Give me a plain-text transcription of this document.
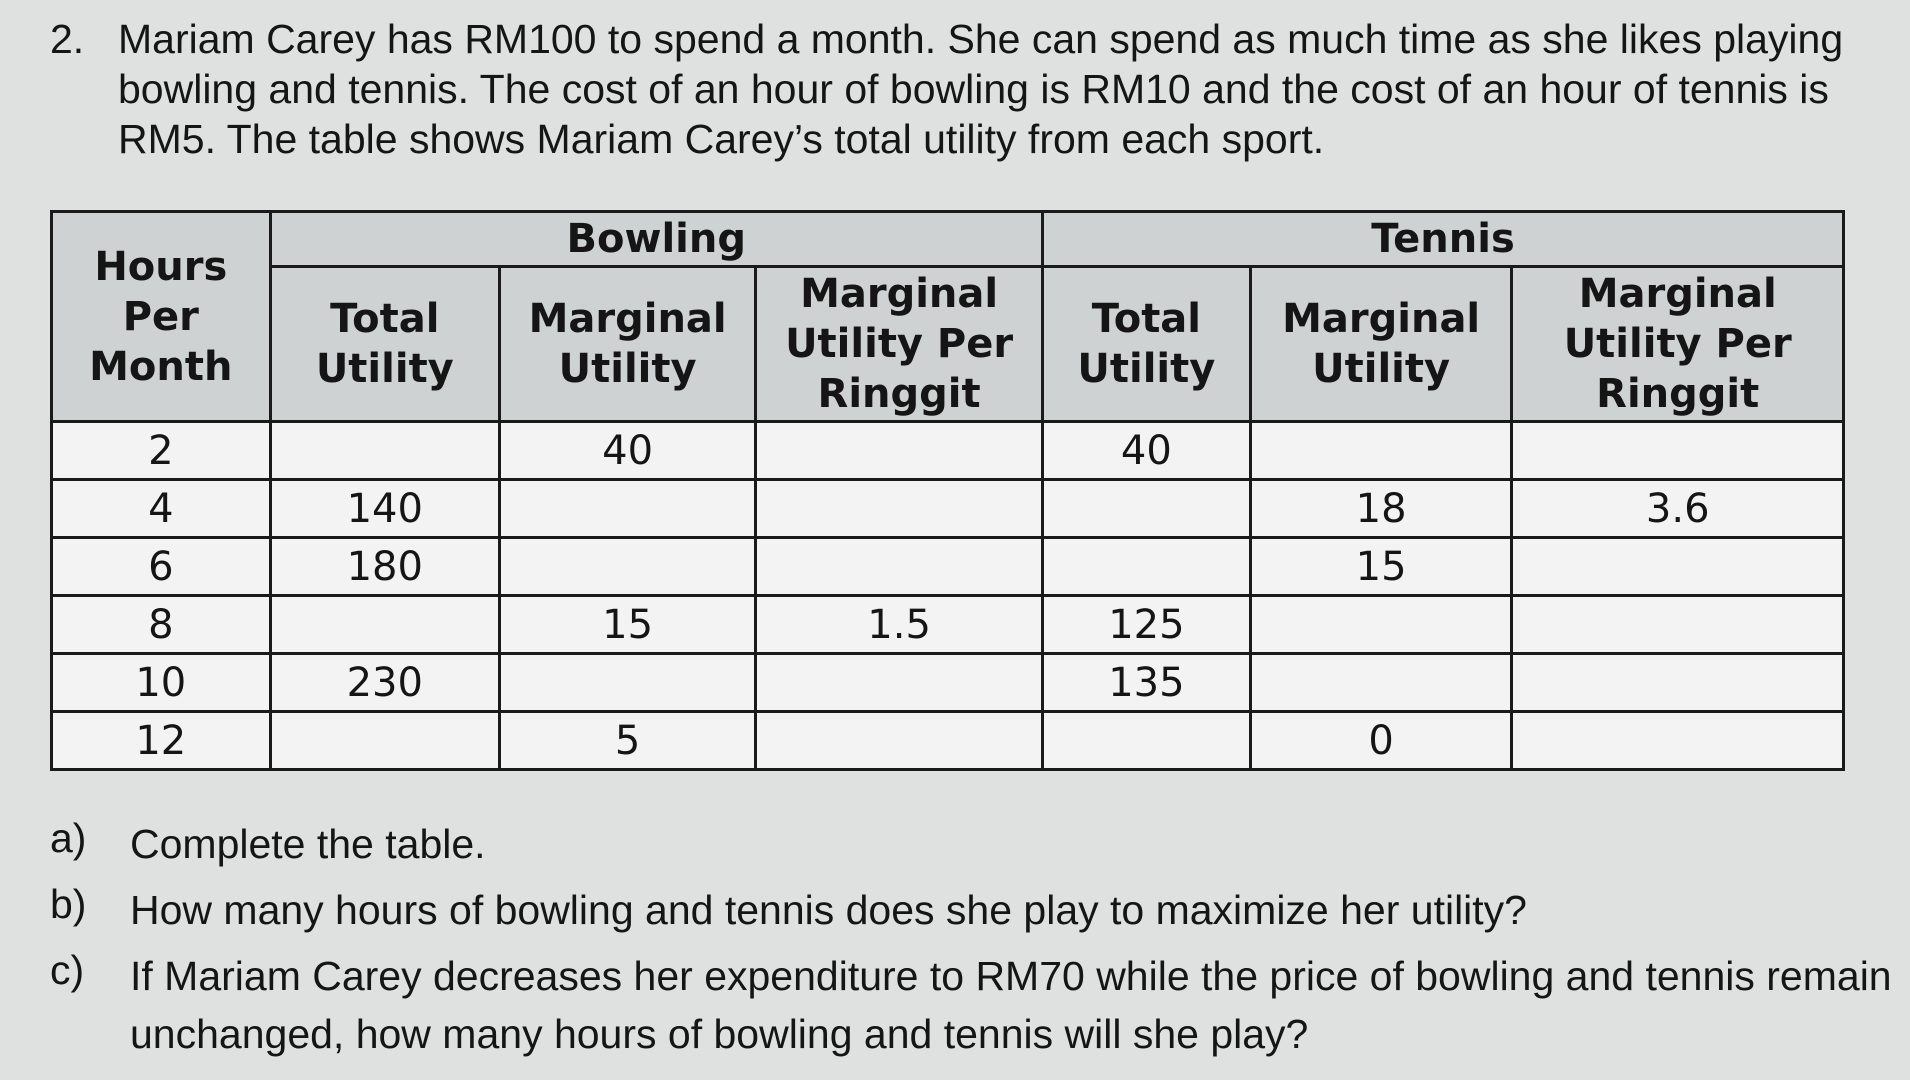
2. Mariam Carey has RM100 to spend a month. She can spend as much time as she likes playing bowling and tennis. The cost of an hour of bowling is RM10 and the cost of an hour of tennis is RM5. The table shows Mariam Carey’s total utility from each sport.
Hours Per Month	Bowling			Tennis		
	Total Utility	Marginal Utility	Marginal Utility Per Ringgit	Total Utility	Marginal Utility	Marginal Utility Per Ringgit
2		40		40		
4	140				18	3.6
6	180				15	
8		15	1.5	125		
10	230			135		
12		5			0	
a) Complete the table.
b) How many hours of bowling and tennis does she play to maximize her utility?
c) If Mariam Carey decreases her expenditure to RM70 while the price of bowling and tennis remain unchanged, how many hours of bowling and tennis will she play?
